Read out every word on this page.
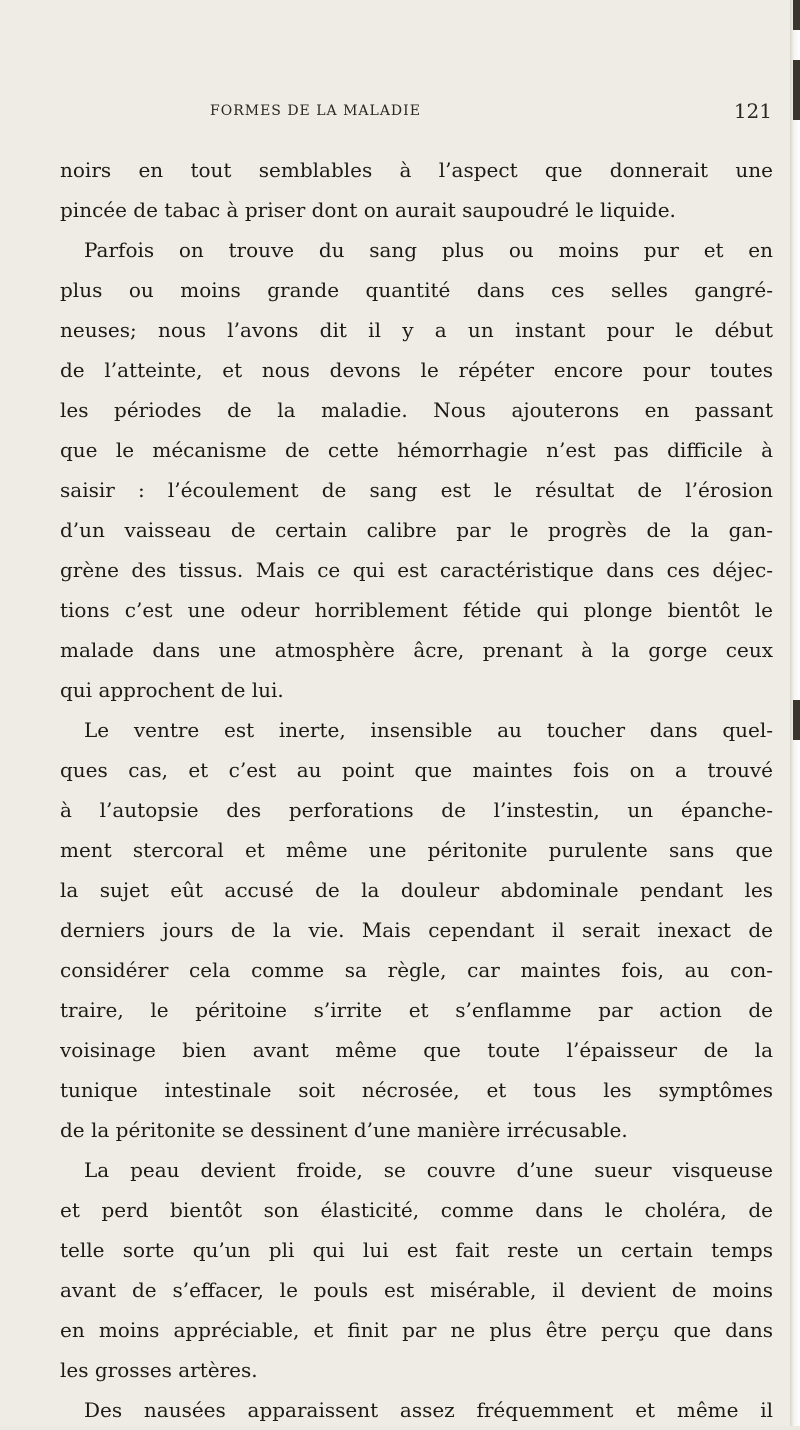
FORMES DE LA MALADIE	121
noirs en tout semblables à l’aspect que donnerait une
pincée de tabac à priser dont on aurait saupoudré le liquide.
Parfois on trouve du sang plus ou moins pur et en
plus ou moins grande quantité dans ces selles gangré-
neuses; nous l’avons dit il y a un instant pour le début
de l’atteinte, et nous devons le répéter encore pour toutes
les périodes de la maladie. Nous ajouterons en passant
que le mécanisme de cette hémorrhagie n’est pas difficile à
saisir : l’écoulement de sang est le résultat de l’érosion
d’un vaisseau de certain calibre par le progrès de la gan-
grène des tissus. Mais ce qui est caractéristique dans ces déjec-
tions c’est une odeur horriblement fétide qui plonge bientôt le
malade dans une atmosphère âcre, prenant à la gorge ceux
qui approchent de lui.
Le ventre est inerte, insensible au toucher dans quel-
ques cas, et c’est au point que maintes fois on a trouvé
à l’autopsie des perforations de l’instestin, un épanche-
ment stercoral et même une péritonite purulente sans que
la sujet eût accusé de la douleur abdominale pendant les
derniers jours de la vie. Mais cependant il serait inexact de
considérer cela comme sa règle, car maintes fois, au con-
traire, le péritoine s’irrite et s’enflamme par action de
voisinage bien avant même que toute l’épaisseur de la
tunique intestinale soit nécrosée, et tous les symptômes
de la péritonite se dessinent d’une manière irrécusable.
La peau devient froide, se couvre d’une sueur visqueuse
et perd bientôt son élasticité, comme dans le choléra, de
telle sorte qu’un pli qui lui est fait reste un certain temps
avant de s’effacer, le pouls est misérable, il devient de moins
en moins appréciable, et finit par ne plus être perçu que dans
les grosses artères.
Des nausées apparaissent assez fréquemment et même il
